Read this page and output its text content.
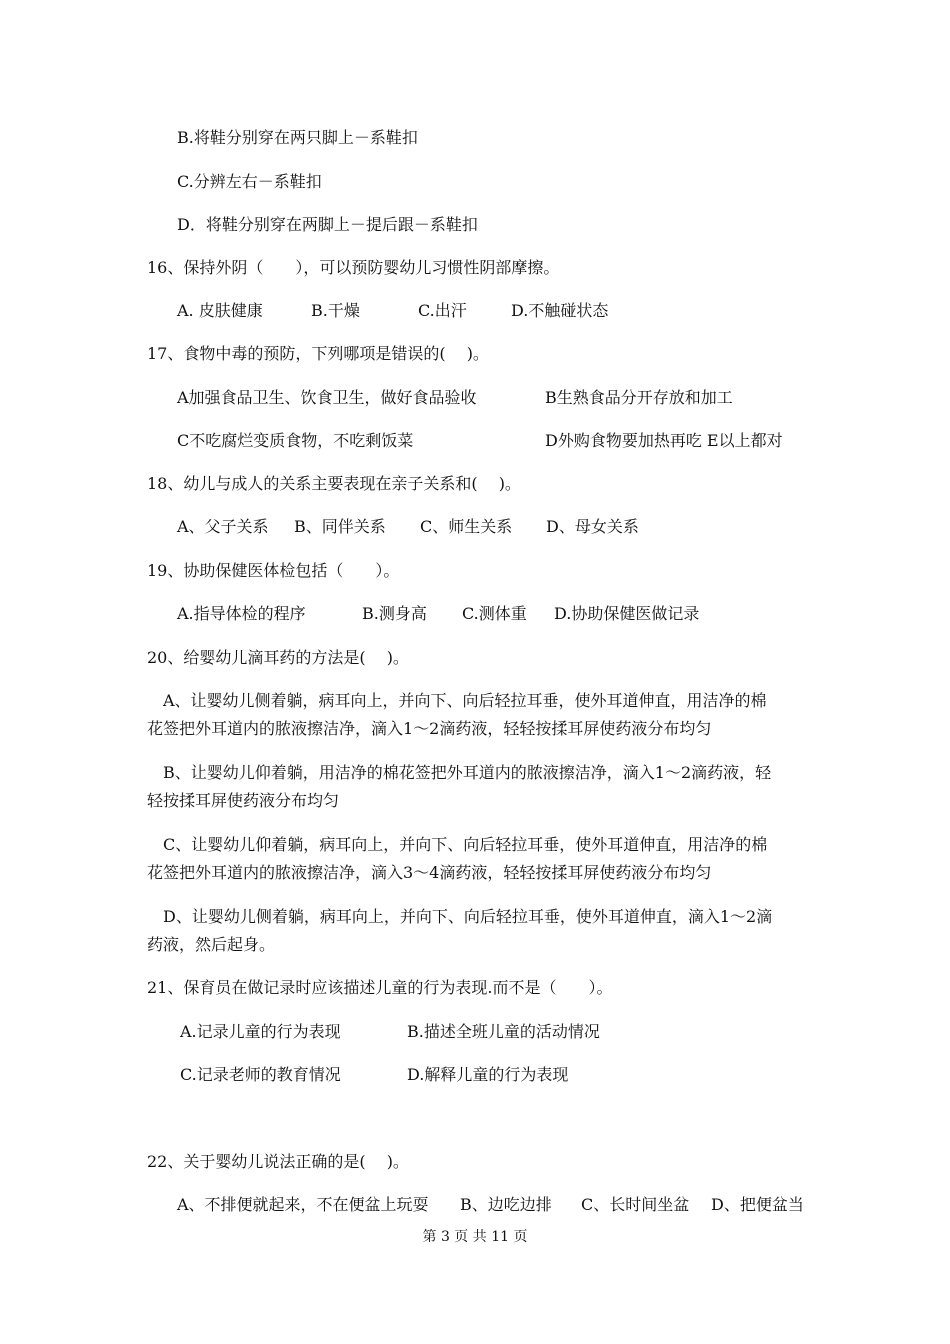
B.将鞋分别穿在两只脚上－系鞋扣
C.分辨左右－系鞋扣
D．将鞋分别穿在两脚上－提后跟－系鞋扣
16、保持外阴（　　），可以预防婴幼儿习惯性阴部摩擦。
A. 皮肤健康	B.干燥	C.出汗	D.不触碰状态
17、食物中毒的预防，下列哪项是错误的(　 )。
A加强食品卫生、饮食卫生，做好食品验收	B生熟食品分开存放和加工
C不吃腐烂变质食物，不吃剩饭菜	D外购食物要加热再吃 E以上都对
18、幼儿与成人的关系主要表现在亲子关系和(　 )。
A、父子关系 B、同伴关系 C、师生关系 D、母女关系
19、协助保健医体检包括（　　）。
A.指导体检的程序	B.测身高 C.测体重 D.协助保健医做记录
20、给婴幼儿滴耳药的方法是(　 )。
　A、让婴幼儿侧着躺，病耳向上，并向下、向后轻拉耳垂，使外耳道伸直，用洁净的棉
花签把外耳道内的脓液擦洁净，滴入1～2滴药液，轻轻按揉耳屏使药液分布均匀
　B、让婴幼儿仰着躺，用洁净的棉花签把外耳道内的脓液擦洁净，滴入1～2滴药液，轻
轻按揉耳屏使药液分布均匀
　C、让婴幼儿仰着躺，病耳向上，并向下、向后轻拉耳垂，使外耳道伸直，用洁净的棉
花签把外耳道内的脓液擦洁净，滴入3～4滴药液，轻轻按揉耳屏使药液分布均匀
　D、让婴幼儿侧着躺，病耳向上，并向下、向后轻拉耳垂，使外耳道伸直，滴入1～2滴
药液，然后起身。
21、保育员在做记录时应该描述儿童的行为表现.而不是（　　）。
A.记录儿童的行为表现	B.描述全班儿童的活动情况
C.记录老师的教育情况	D.解释儿童的行为表现
22、关于婴幼儿说法正确的是(　 )。
A、不排便就起来，不在便盆上玩耍 B、边吃边排 C、长时间坐盆 D、把便盆当
第 3 页 共 11 页
